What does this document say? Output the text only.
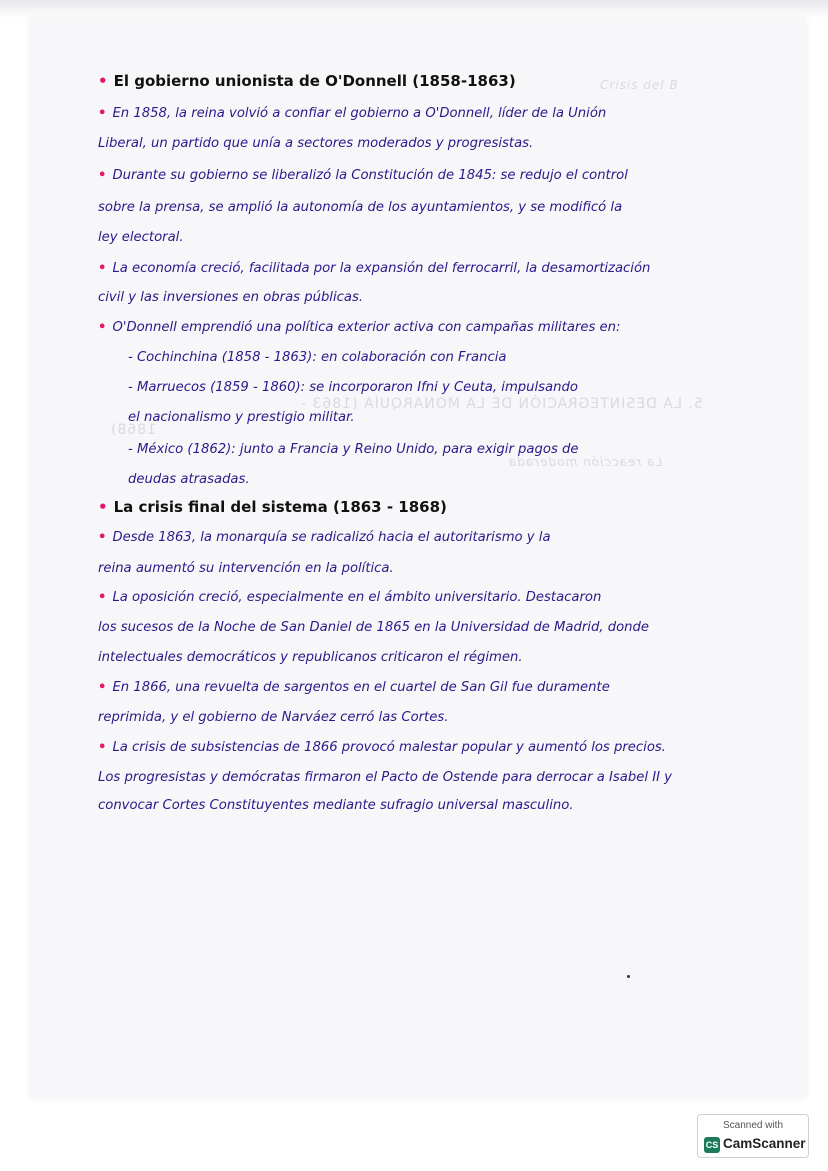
Crisis del B
5. LA DESINTEGRACIÓN DE LA MONARQUÍA (1863 -
1868)
La reacción moderada
• El gobierno unionista de O'Donnell (1858-1863)
• En 1858, la reina volvió a confiar el gobierno a O'Donnell, líder de la Unión
Liberal, un partido que unía a sectores moderados y progresistas.
• Durante su gobierno se liberalizó la Constitución de 1845: se redujo el control
sobre la prensa, se amplió la autonomía de los ayuntamientos, y se modificó la
ley electoral.
• La economía creció, facilitada por la expansión del ferrocarril, la desamortización
civil y las inversiones en obras públicas.
• O'Donnell emprendió una política exterior activa con campañas militares en:
- Cochinchina (1858 - 1863): en colaboración con Francia
- Marruecos (1859 - 1860): se incorporaron Ifni y Ceuta, impulsando
el nacionalismo y prestigio militar.
- México (1862): junto a Francia y Reino Unido, para exigir pagos de
deudas atrasadas.
• La crisis final del sistema (1863 - 1868)
• Desde 1863, la monarquía se radicalizó hacia el autoritarismo y la
reina aumentó su intervención en la política.
• La oposición creció, especialmente en el ámbito universitario. Destacaron
los sucesos de la Noche de San Daniel de 1865 en la Universidad de Madrid, donde
intelectuales democráticos y republicanos criticaron el régimen.
• En 1866, una revuelta de sargentos en el cuartel de San Gil fue duramente
reprimida, y el gobierno de Narváez cerró las Cortes.
• La crisis de subsistencias de 1866 provocó malestar popular y aumentó los precios.
Los progresistas y demócratas firmaron el Pacto de Ostende para derrocar a Isabel II y
convocar Cortes Constituyentes mediante sufragio universal masculino.
Scanned with
CS CamScanner
